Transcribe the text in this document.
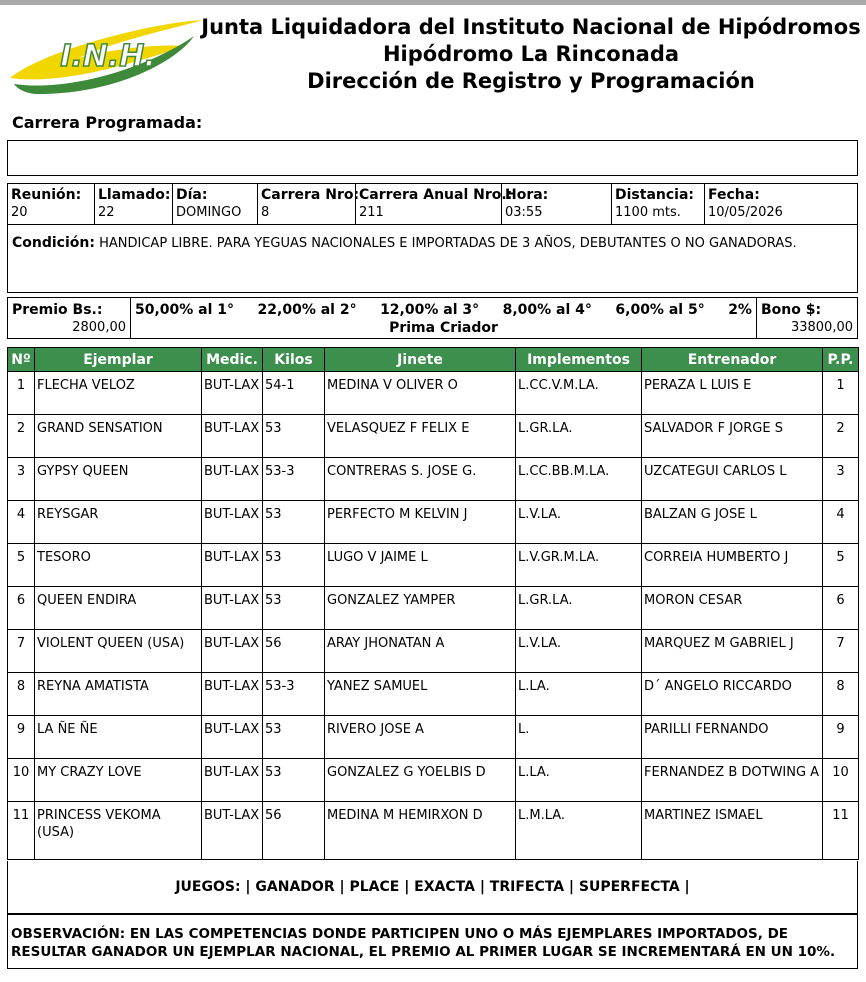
I.N.H.
Junta Liquidadora del Instituto Nacional de Hipódromos
Hipódromo La Rinconada
Dirección de Registro y Programación
Carrera Programada:
Reunión:
20
Llamado:
22
Día:
DOMINGO
Carrera Nro:
8
Carrera Anual Nro.:
211
Hora:
03:55
Distancia:
1100 mts.
Fecha:
10/05/2026
Condición: HANDICAP LIBRE. PARA YEGUAS NACIONALES E IMPORTADAS DE 3 AÑOS, DEBUTANTES O NO GANADORAS.
Premio Bs.:
2800,00
50,00% al 1° 22,00% al 2° 12,00% al 3° 8,00% al 4° 6,00% al 5° 2%
Prima Criador
Bono $:
33800,00
Nº	Ejemplar	Medic.	Kilos	Jinete	Implementos	Entrenador	P.P.
1	FLECHA VELOZ	BUT-LAX	54-1	MEDINA V OLIVER O	L.CC.V.M.LA.	PERAZA L LUIS E	1
2	GRAND SENSATION	BUT-LAX	53	VELASQUEZ F FELIX E	L.GR.LA.	SALVADOR F JORGE S	2
3	GYPSY QUEEN	BUT-LAX	53-3	CONTRERAS S. JOSE G.	L.CC.BB.M.LA.	UZCATEGUI CARLOS L	3
4	REYSGAR	BUT-LAX	53	PERFECTO M KELVIN J	L.V.LA.	BALZAN G JOSE L	4
5	TESORO	BUT-LAX	53	LUGO V JAIME L	L.V.GR.M.LA.	CORREIA HUMBERTO J	5
6	QUEEN ENDIRA	BUT-LAX	53	GONZALEZ YAMPER	L.GR.LA.	MORON CESAR	6
7	VIOLENT QUEEN (USA)	BUT-LAX	56	ARAY JHONATAN A	L.V.LA.	MARQUEZ M GABRIEL J	7
8	REYNA AMATISTA	BUT-LAX	53-3	YANEZ SAMUEL	L.LA.	D´ ANGELO RICCARDO	8
9	LA ÑE ÑE	BUT-LAX	53	RIVERO JOSE A	L.	PARILLI FERNANDO	9
10	MY CRAZY LOVE	BUT-LAX	53	GONZALEZ G YOELBIS D	L.LA.	FERNANDEZ B DOTWING A	10
11	PRINCESS VEKOMA (USA)	BUT-LAX	56	MEDINA M HEMIRXON D	L.M.LA.	MARTINEZ ISMAEL	11
JUEGOS: | GANADOR | PLACE | EXACTA | TRIFECTA | SUPERFECTA |
OBSERVACIÓN: EN LAS COMPETENCIAS DONDE PARTICIPEN UNO O MÁS EJEMPLARES IMPORTADOS, DE RESULTAR GANADOR UN EJEMPLAR NACIONAL, EL PREMIO AL PRIMER LUGAR SE INCREMENTARÁ EN UN 10%.
